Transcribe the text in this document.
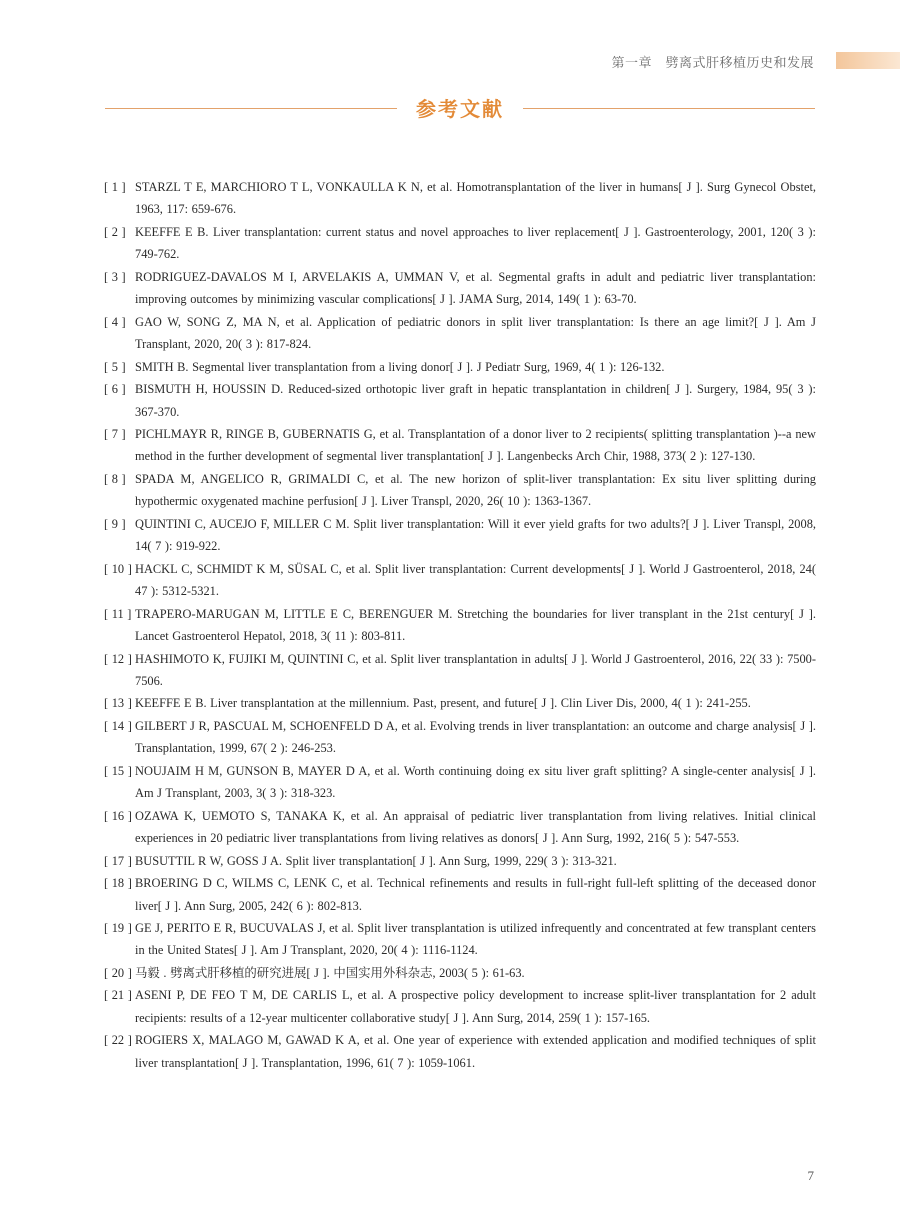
第一章　劈离式肝移植历史和发展
参考文献
[ 1 ] STARZL T E, MARCHIORO T L, VONKAULLA K N, et al. Homotransplantation of the liver in humans[ J ]. Surg Gynecol Obstet, 1963, 117: 659-676.
[ 2 ] KEEFFE E B. Liver transplantation: current status and novel approaches to liver replacement[ J ]. Gastroenterology, 2001, 120( 3 ): 749-762.
[ 3 ] RODRIGUEZ-DAVALOS M I, ARVELAKIS A, UMMAN V, et al. Segmental grafts in adult and pediatric liver transplantation: improving outcomes by minimizing vascular complications[ J ]. JAMA Surg, 2014, 149( 1 ): 63-70.
[ 4 ] GAO W, SONG Z, MA N, et al. Application of pediatric donors in split liver transplantation: Is there an age limit?[ J ]. Am J Transplant, 2020, 20( 3 ): 817-824.
[ 5 ] SMITH B. Segmental liver transplantation from a living donor[ J ]. J Pediatr Surg, 1969, 4( 1 ): 126-132.
[ 6 ] BISMUTH H, HOUSSIN D. Reduced-sized orthotopic liver graft in hepatic transplantation in children[ J ]. Surgery, 1984, 95( 3 ): 367-370.
[ 7 ] PICHLMAYR R, RINGE B, GUBERNATIS G, et al. Transplantation of a donor liver to 2 recipients( splitting transplantation )--a new method in the further development of segmental liver transplantation[ J ]. Langenbecks Arch Chir, 1988, 373( 2 ): 127-130.
[ 8 ] SPADA M, ANGELICO R, GRIMALDI C, et al. The new horizon of split-liver transplantation: Ex situ liver splitting during hypothermic oxygenated machine perfusion[ J ]. Liver Transpl, 2020, 26( 10 ): 1363-1367.
[ 9 ] QUINTINI C, AUCEJO F, MILLER C M. Split liver transplantation: Will it ever yield grafts for two adults?[ J ]. Liver Transpl, 2008, 14( 7 ): 919-922.
[ 10 ] HACKL C, SCHMIDT K M, SÜSAL C, et al. Split liver transplantation: Current developments[ J ]. World J Gastroenterol, 2018, 24( 47 ): 5312-5321.
[ 11 ] TRAPERO-MARUGAN M, LITTLE E C, BERENGUER M. Stretching the boundaries for liver transplant in the 21st century[ J ]. Lancet Gastroenterol Hepatol, 2018, 3( 11 ): 803-811.
[ 12 ] HASHIMOTO K, FUJIKI M, QUINTINI C, et al. Split liver transplantation in adults[ J ]. World J Gastroenterol, 2016, 22( 33 ): 7500-7506.
[ 13 ] KEEFFE E B. Liver transplantation at the millennium. Past, present, and future[ J ]. Clin Liver Dis, 2000, 4( 1 ): 241-255.
[ 14 ] GILBERT J R, PASCUAL M, SCHOENFELD D A, et al. Evolving trends in liver transplantation: an outcome and charge analysis[ J ]. Transplantation, 1999, 67( 2 ): 246-253.
[ 15 ] NOUJAIM H M, GUNSON B, MAYER D A, et al. Worth continuing doing ex situ liver graft splitting? A single-center analysis[ J ]. Am J Transplant, 2003, 3( 3 ): 318-323.
[ 16 ] OZAWA K, UEMOTO S, TANAKA K, et al. An appraisal of pediatric liver transplantation from living relatives. Initial clinical experiences in 20 pediatric liver transplantations from living relatives as donors[ J ]. Ann Surg, 1992, 216( 5 ): 547-553.
[ 17 ] BUSUTTIL R W, GOSS J A. Split liver transplantation[ J ]. Ann Surg, 1999, 229( 3 ): 313-321.
[ 18 ] BROERING D C, WILMS C, LENK C, et al. Technical refinements and results in full-right full-left splitting of the deceased donor liver[ J ]. Ann Surg, 2005, 242( 6 ): 802-813.
[ 19 ] GE J, PERITO E R, BUCUVALAS J, et al. Split liver transplantation is utilized infrequently and concentrated at few transplant centers in the United States[ J ]. Am J Transplant, 2020, 20( 4 ): 1116-1124.
[ 20 ] 马毅 . 劈离式肝移植的研究进展[ J ]. 中国实用外科杂志, 2003( 5 ): 61-63.
[ 21 ] ASENI P, DE FEO T M, DE CARLIS L, et al. A prospective policy development to increase split-liver transplantation for 2 adult recipients: results of a 12-year multicenter collaborative study[ J ]. Ann Surg, 2014, 259( 1 ): 157-165.
[ 22 ] ROGIERS X, MALAGO M, GAWAD K A, et al. One year of experience with extended application and modified techniques of split liver transplantation[ J ]. Transplantation, 1996, 61( 7 ): 1059-1061.
7
